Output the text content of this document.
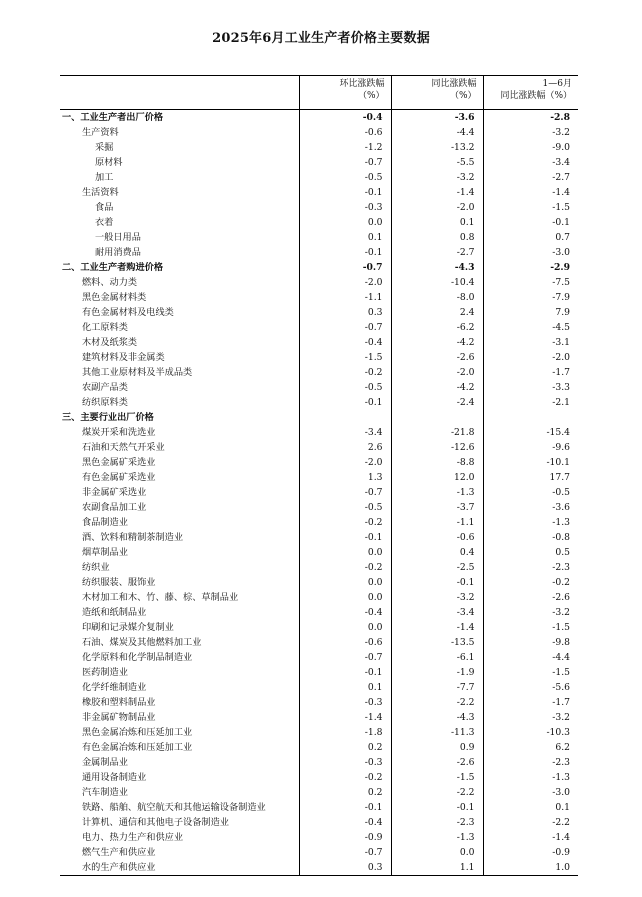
2025年6月工业生产者价格主要数据

	环比涨跌幅
（%）	同比涨跌幅
（%）	1—6月
同比涨跌幅（%）

一、工业生产者出厂价格	-0.4	-3.6	-2.8
生产资料	-0.6	-4.4	-3.2
采掘	-1.2	-13.2	-9.0
原材料	-0.7	-5.5	-3.4
加工	-0.5	-3.2	-2.7
生活资料	-0.1	-1.4	-1.4
食品	-0.3	-2.0	-1.5
衣着	0.0	0.1	-0.1
一般日用品	0.1	0.8	0.7
耐用消费品	-0.1	-2.7	-3.0
二、工业生产者购进价格	-0.7	-4.3	-2.9
燃料、动力类	-2.0	-10.4	-7.5
黑色金属材料类	-1.1	-8.0	-7.9
有色金属材料及电线类	0.3	2.4	7.9
化工原料类	-0.7	-6.2	-4.5
木材及纸浆类	-0.4	-4.2	-3.1
建筑材料及非金属类	-1.5	-2.6	-2.0
其他工业原材料及半成品类	-0.2	-2.0	-1.7
农副产品类	-0.5	-4.2	-3.3
纺织原料类	-0.1	-2.4	-2.1
三、主要行业出厂价格			
煤炭开采和洗选业	-3.4	-21.8	-15.4
石油和天然气开采业	2.6	-12.6	-9.6
黑色金属矿采选业	-2.0	-8.8	-10.1
有色金属矿采选业	1.3	12.0	17.7
非金属矿采选业	-0.7	-1.3	-0.5
农副食品加工业	-0.5	-3.7	-3.6
食品制造业	-0.2	-1.1	-1.3
酒、饮料和精制茶制造业	-0.1	-0.6	-0.8
烟草制品业	0.0	0.4	0.5
纺织业	-0.2	-2.5	-2.3
纺织服装、服饰业	0.0	-0.1	-0.2
木材加工和木、竹、藤、棕、草制品业	0.0	-3.2	-2.6
造纸和纸制品业	-0.4	-3.4	-3.2
印刷和记录媒介复制业	0.0	-1.4	-1.5
石油、煤炭及其他燃料加工业	-0.6	-13.5	-9.8
化学原料和化学制品制造业	-0.7	-6.1	-4.4
医药制造业	-0.1	-1.9	-1.5
化学纤维制造业	0.1	-7.7	-5.6
橡胶和塑料制品业	-0.3	-2.2	-1.7
非金属矿物制品业	-1.4	-4.3	-3.2
黑色金属冶炼和压延加工业	-1.8	-11.3	-10.3
有色金属冶炼和压延加工业	0.2	0.9	6.2
金属制品业	-0.3	-2.6	-2.3
通用设备制造业	-0.2	-1.5	-1.3
汽车制造业	0.2	-2.2	-3.0
铁路、船舶、航空航天和其他运输设备制造业	-0.1	-0.1	0.1
计算机、通信和其他电子设备制造业	-0.4	-2.3	-2.2
电力、热力生产和供应业	-0.9	-1.3	-1.4
燃气生产和供应业	-0.7	0.0	-0.9
水的生产和供应业	0.3	1.1	1.0
